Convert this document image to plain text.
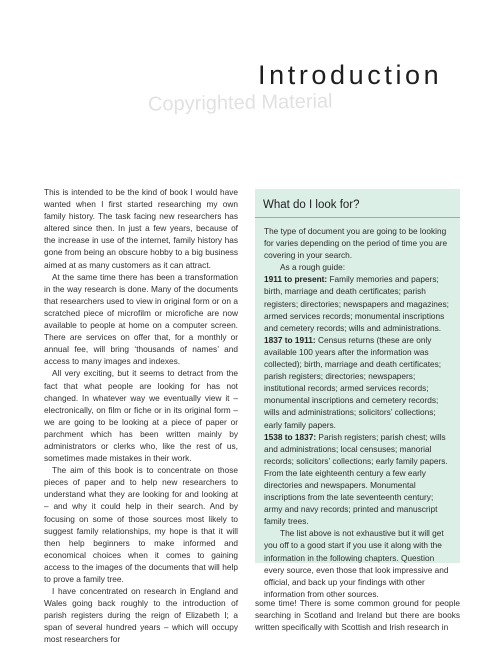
Introduction
Copyrighted Material

This is intended to be the kind of book I would have wanted when I first started researching my own family history. The task facing new researchers has altered since then. In just a few years, because of the increase in use of the internet, family history has gone from being an obscure hobby to a big business aimed at as many customers as it can attract.

At the same time there has been a transformation in the way research is done. Many of the documents that researchers used to view in original form or on a scratched piece of microfilm or microfiche are now available to people at home on a computer screen. There are services on offer that, for a monthly or annual fee, will bring ‘thousands of names’ and access to many images and indexes.

All very exciting, but it seems to detract from the fact that what people are looking for has not changed. In whatever way we eventually view it – electronically, on film or fiche or in its original form – we are going to be looking at a piece of paper or parchment which has been written mainly by administrators or clerks who, like the rest of us, sometimes made mistakes in their work.

The aim of this book is to concentrate on those pieces of paper and to help new researchers to understand what they are looking for and looking at – and why it could help in their search. And by focusing on some of those sources most likely to suggest family relationships, my hope is that it will then help beginners to make informed and economical choices when it comes to gaining access to the images of the documents that will help to prove a family tree.

I have concentrated on research in England and Wales going back roughly to the introduction of parish registers during the reign of Elizabeth I; a span of several hundred years – which will occupy most researchers for

What do I look for?

The type of document you are going to be looking for varies depending on the period of time you are covering in your search.

As a rough guide:

1911 to present: Family memories and papers; birth, marriage and death certificates; parish registers; directories; newspapers and magazines; armed services records; monumental inscriptions and cemetery records; wills and administrations.

1837 to 1911: Census returns (these are only available 100 years after the information was collected); birth, marriage and death certificates; parish registers; directories; newspapers; institutional records; armed services records; monumental inscriptions and cemetery records; wills and administrations; solicitors’ collections; early family papers.

1538 to 1837: Parish registers; parish chest; wills and administrations; local censuses; manorial records; solicitors’ collections; early family papers. From the late eighteenth century a few early directories and newspapers. Monumental inscriptions from the late seventeenth century; army and navy records; printed and manuscript family trees.

The list above is not exhaustive but it will get you off to a good start if you use it along with the information in the following chapters. Question every source, even those that look impressive and official, and back up your findings with other information from other sources.

some time! There is some common ground for people searching in Scotland and Ireland but there are books written specifically with Scottish and Irish research in
